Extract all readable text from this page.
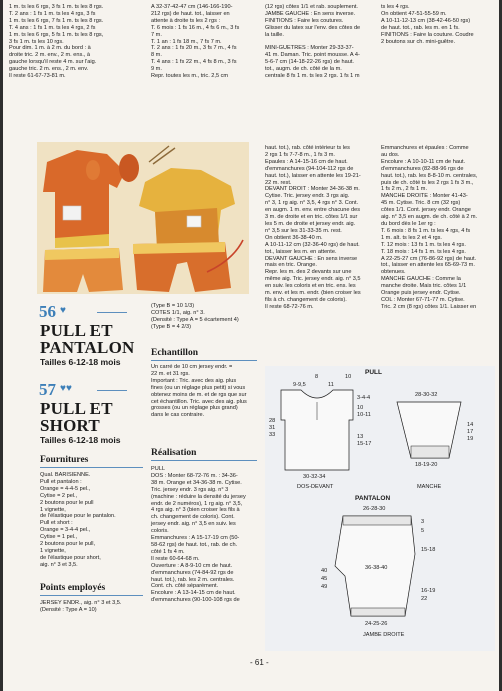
1 m. ts les 6 rgs, 3 fs 1 m. ts les 8 rgs.
T. 2 ans : 1 fs 1 m. ts les 4 rgs, 3 fs
1 m. ts les 6 rgs, 7 fs 1 m. ts les 8 rgs.
T. 4 ans : 1 fs 1 m. ts les 4 rgs, 2 fs
1 m. ts les 6 rgs, 5 fs 1 m. ts les 8 rgs,
3 fs 1 m. ts les 10 rgs.
Pour dim. 1 m. à 2 m. du bord : à
droite tric. 2 m. env., 2 m. ens., à
gauche lorsqu'il reste 4 m. sur l'aig.
gauche tric. 2 m. ens., 2 m. env.
Il reste 61-67-73-81 m.

A 32-37-42-47 cm (146-166-190-
212 rgs) de haut. tot., laisser en
attente à droite ts les 2 rgs :
T. 6 mois : 1 fs 16 m., 4 fs 6 m., 3 fs
7 m.
T. 1 an : 1 fs 18 m., 7 fs 7 m.
T. 2 ans : 1 fs 20 m., 3 fs 7 m., 4 fs
8 m.
T. 4 ans : 1 fs 22 m., 4 fs 8 m., 3 fs
9 m.
Repr. toutes les m., tric. 2,5 cm

(12 rgs) côtes 1/1 et rab. souplement.
JAMBE GAUCHE : En sens inverse.
FINITIONS : Faire les coutures.
Glisser du latex sur l'env. des côtes de
la taille.

MINI-GUETRES : Monter 29-33-37-
41 m. Daman. Tric. point mousse. A 4-
5-6-7 cm (14-18-22-26 rgs) de haut.
tot., augm. de ch. côté de la m.
centrale 8 fs 1 m. ts les 2 rgs. 1 fs 1 m

ts les 4 rgs.
On obtient 47-51-55-59 m.
A 10-11-12-13 cm (38-42-46-50 rgs)
de haut. tot., rab. les m. en 1 fs.
FINITIONS : Faire la couture. Coudre
2 boutons sur ch. mini-guêtre.

56 ♥
PULL ET
PANTALON
Tailles 6-12-18 mois
57 ♥♥
PULL ET
SHORT
Tailles 6-12-18 mois
Fournitures

Qual. BARISIENNE.
Pull et pantalon :
Orange = 4-4-5 pel.,
Cytise = 2 pel.,
2 boutons pour le pull
1 vignette,
de l'élastique pour le pantalon.
Pull et short :
Orange = 3-4-4 pel.,
Cytise = 1 pel.,
2 boutons pour le pull,
1 vignette,
de l'élastique pour short,
aig. n° 3 et 3,5.

Points employés

JERSEY ENDR., aig. n° 3 et 3,5.
(Densité : Type A = 10)

(Type B = 10 1/3)
COTES 1/1, aig. n° 3.
(Densité : Type A = 5 écartement 4)
(Type B = 4 2/3)

Echantillon

Un carré de 10 cm jersey endr. =
22 m. et 31 rgs.
Important : Tric. avec des aig. plus
fines (ou un réglage plus petit) si vous
obtenez moins de m. et de rgs que sur
cet échantillon. Tric. avec des aig. plus
grosses (ou un réglage plus grand)
dans le cas contraire.

Réalisation

PULL
DOS : Monter 68-72-76 m. : 34-36-
38 m. Orange et 34-36-38 m. Cytise.
Tric. jersey endr. 3 rgs aig. n° 3
(machine : réduire la densité du jersey
endr. de 2 numéros), 1 rg aig. n° 3,5,
4 rgs aig. n° 3 (bien croiser les fils à
ch. changement de coloris). Cont.
jersey endr. aig. n° 3,5 en suiv. les
coloris.
Emmanchures : A 15-17-19 cm (50-
58-62 rgs) de haut. tot., rab. de ch.
côté 1 fs 4 m.
Il reste 60-64-68 m.
Ouverture : A 8-9-10 cm de haut.
d'emmanchures (74-84-92 rgs de
haut. tot.), rab. les 2 m. centrales.
Cont. ch. côté séparément.
Encolure : A 13-14-15 cm de haut.
d'emmanchures (90-100-108 rgs de

haut. tot.), rab. côté intérieur ts les
2 rgs 1 fs 7-7-8 m., 1 fs 3 m.
Epaules : A 14-15-16 cm de haut.
d'emmanchures (94-104-112 rgs de
haut. tot.), laisser en attente les 19-21-
22 m. rest.
DEVANT DROIT : Monter 34-36-38 m.
Cytise. Tric. jersey endr. 3 rgs aig.
n° 3, 1 rg aig. n° 3,5, 4 rgs n° 3. Cont.
en augm. 1 m. env. entre chacune des
3 m. de droite et en tric. côtes 1/1 sur
les 5 m. de droite et jersey endr. aig.
n° 3,5 sur les 31-33-35 m. rest.
On obtient 36-38-40 m.
A 10-11-12 cm (32-36-40 rgs) de haut.
tot., laisser les m. en attente.
DEVANT GAUCHE : En sens inverse
mais en tric. Orange.
Repr. les m. des 2 devants sur une
même aig. Tric. jersey endr. aig. n° 3,5
en suiv. les coloris et en tric. ens. les
m. env. et les m. endr. (bien croiser les
fils à ch. changement de coloris).
Il reste 68-72-76 m.

Emmanchures et épaules : Comme
au dos.
Encolure : A 10-10-11 cm de haut.
d'emmanchures (82-88-96 rgs de
haut. tot.), rab. les 8-8-10 m. centrales,
puis de ch. côté ts les 2 rgs 1 fs 3 m.,
1 fs 2 m., 2 fs 1 m.
MANCHE DROITE : Monter 41-43-
45 m. Cytise. Tric. 8 cm (32 rgs)
côtes 1/1. Cont. jersey endr. Orange
aig. n° 3,5 en augm. de ch. côté à 2 m.
du bord dès le 1er rg :
T. 6 mois : 8 fs 1 m. ts les 4 rgs, 4 fs
1 m. alt. ts les 2 et 4 rgs.
T. 12 mois : 13 fs 1 m. ts les 4 rgs.
T. 18 mois : 14 fs 1 m. ts les 4 rgs.
A 22-25-27 cm (76-86-92 rgs) de haut.
tot., laisser en attente les 65-69-73 m.
obtenues.
MANCHE GAUCHE : Comme la
manche droite. Mais tric. côtes 1/1
Orange puis jersey endr. Cytise.
COL : Monter 67-71-77 m. Cytise.
Tric. 2 cm (8 rgs) côtes 1/1. Laisser en

PULL
8	10
9-9,5	11
3-4-4
10
10-11
13
15-17
28
31
33
30-32-34
DOS-DEVANT
28-30-32
14
17
19
18-19-20
MANCHE
PANTALON
26-28-30
3
5
15-18
16-19
22
40
45
49
36-38-40
24-25-26
JAMBE DROITE
- 61 -
